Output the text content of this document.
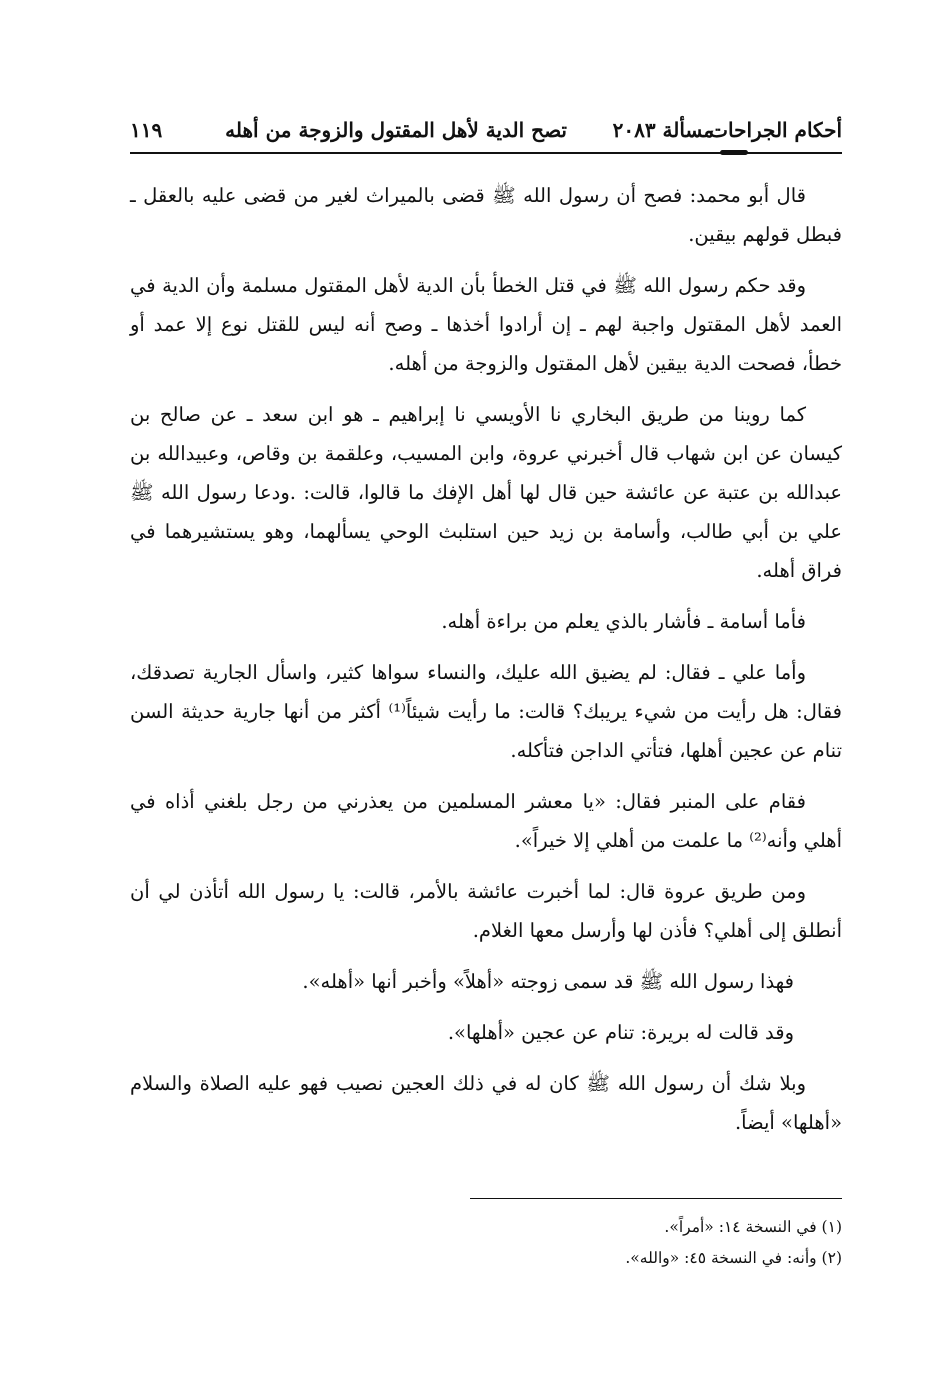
أحكام الجراحات
مسألة ٢٠٨٣
تصح الدية لأهل المقتول والزوجة من أهله
١١٩

قال أبو محمد: فصح أن رسول الله ﷺ قضى بالميراث لغير من قضى عليه بالعقل ـ فبطل قولهم بيقين.

وقد حكم رسول الله ﷺ في قتل الخطأ بأن الدية لأهل المقتول مسلمة وأن الدية في العمد لأهل المقتول واجبة لهم ـ إن أرادوا أخذها ـ وصح أنه ليس للقتل نوع إلا عمد أو خطأ، فصحت الدية بيقين لأهل المقتول والزوجة من أهله.

كما روينا من طريق البخاري نا الأويسي نا إبراهيم ـ هو ابن سعد ـ عن صالح بن كيسان عن ابن شهاب قال أخبرني عروة، وابن المسيب، وعلقمة بن وقاص، وعبيدالله بن عبدالله بن عتبة عن عائشة حين قال لها أهل الإفك ما قالوا، قالت: .ودعا رسول الله ﷺ علي بن أبي طالب، وأسامة بن زيد حين استلبث الوحي يسألهما، وهو يستشيرهما في فراق أهله.

فأما أسامة ـ فأشار بالذي يعلم من براءة أهله.

وأما علي ـ فقال: لم يضيق الله عليك، والنساء سواها كثير، واسأل الجارية تصدقك، فقال: هل رأيت من شيء يريبك؟ قالت: ما رأيت شيئاً⁽¹⁾ أكثر من أنها جارية حديثة السن تنام عن عجين أهلها، فتأتي الداجن فتأكله.

فقام على المنبر فقال: «يا معشر المسلمين من يعذرني من رجل بلغني أذاه في أهلي وأنه⁽²⁾ ما علمت من أهلي إلا خيراً».

ومن طريق عروة قال: لما أخبرت عائشة بالأمر، قالت: يا رسول الله أتأذن لي أن أنطلق إلى أهلي؟ فأذن لها وأرسل معها الغلام.

فهذا رسول الله ﷺ قد سمى زوجته «أهلاً» وأخبر أنها «أهله».

وقد قالت له بريرة: تنام عن عجين «أهلها».

وبلا شك أن رسول الله ﷺ كان له في ذلك العجين نصيب فهو عليه الصلاة والسلام «أهلها» أيضاً.

(١) في النسخة ١٤: «أمراً».
(٢) وأنه: في النسخة ٤٥: «والله».
